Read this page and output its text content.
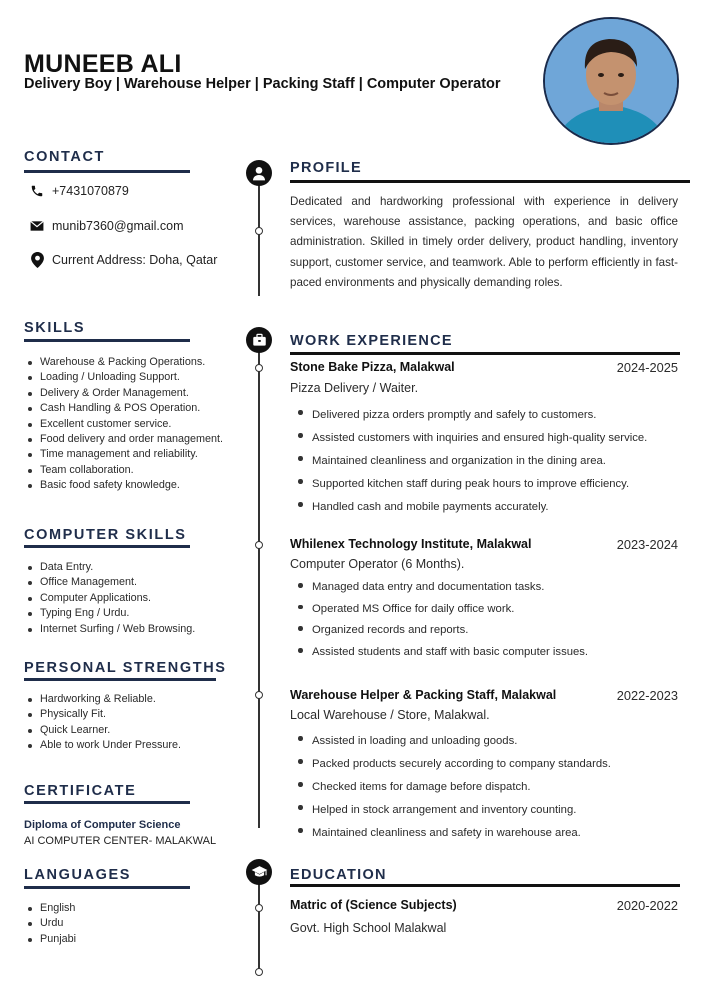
MUNEEB ALI
Delivery Boy | Warehouse Helper | Packing Staff | Computer Operator
CONTACT
+7431070879
munib7360@gmail.com
Current Address: Doha, Qatar
SKILLS
Warehouse & Packing Operations.
Loading / Unloading Support.
Delivery & Order Management.
Cash Handling & POS Operation.
Excellent customer service.
Food delivery and order management.
Time management and reliability.
Team collaboration.
Basic food safety knowledge.
COMPUTER SKILLS
Data Entry.
Office Management.
Computer Applications.
Typing Eng / Urdu.
Internet Surfing / Web Browsing.
PERSONAL STRENGTHS
Hardworking & Reliable.
Physically Fit.
Quick Learner.
Able to work Under Pressure.
CERTIFICATE
Diploma of Computer Science
AI COMPUTER CENTER- MALAKWAL
LANGUAGES
English
Urdu
Punjabi
PROFILE
Dedicated and hardworking professional with experience in delivery services, warehouse assistance, packing operations, and basic office administration. Skilled in timely order delivery, product handling, inventory support, customer service, and teamwork. Able to perform efficiently in fast-paced environments and physically demanding roles.
WORK EXPERIENCE
Stone Bake Pizza, Malakwal	2024-2025
Pizza Delivery / Waiter.
Delivered pizza orders promptly and safely to customers.
Assisted customers with inquiries and ensured high-quality service.
Maintained cleanliness and organization in the dining area.
Supported kitchen staff during peak hours to improve efficiency.
Handled cash and mobile payments accurately.
Whilenex Technology Institute, Malakwal	2023-2024
Computer Operator (6 Months).
Managed data entry and documentation tasks.
Operated MS Office for daily office work.
Organized records and reports.
Assisted students and staff with basic computer issues.
Warehouse Helper & Packing Staff, Malakwal	2022-2023
Local Warehouse / Store, Malakwal.
Assisted in loading and unloading goods.
Packed products securely according to company standards.
Checked items for damage before dispatch.
Helped in stock arrangement and inventory counting.
Maintained cleanliness and safety in warehouse area.
EDUCATION
Matric of (Science Subjects)	2020-2022
Govt. High School Malakwal
